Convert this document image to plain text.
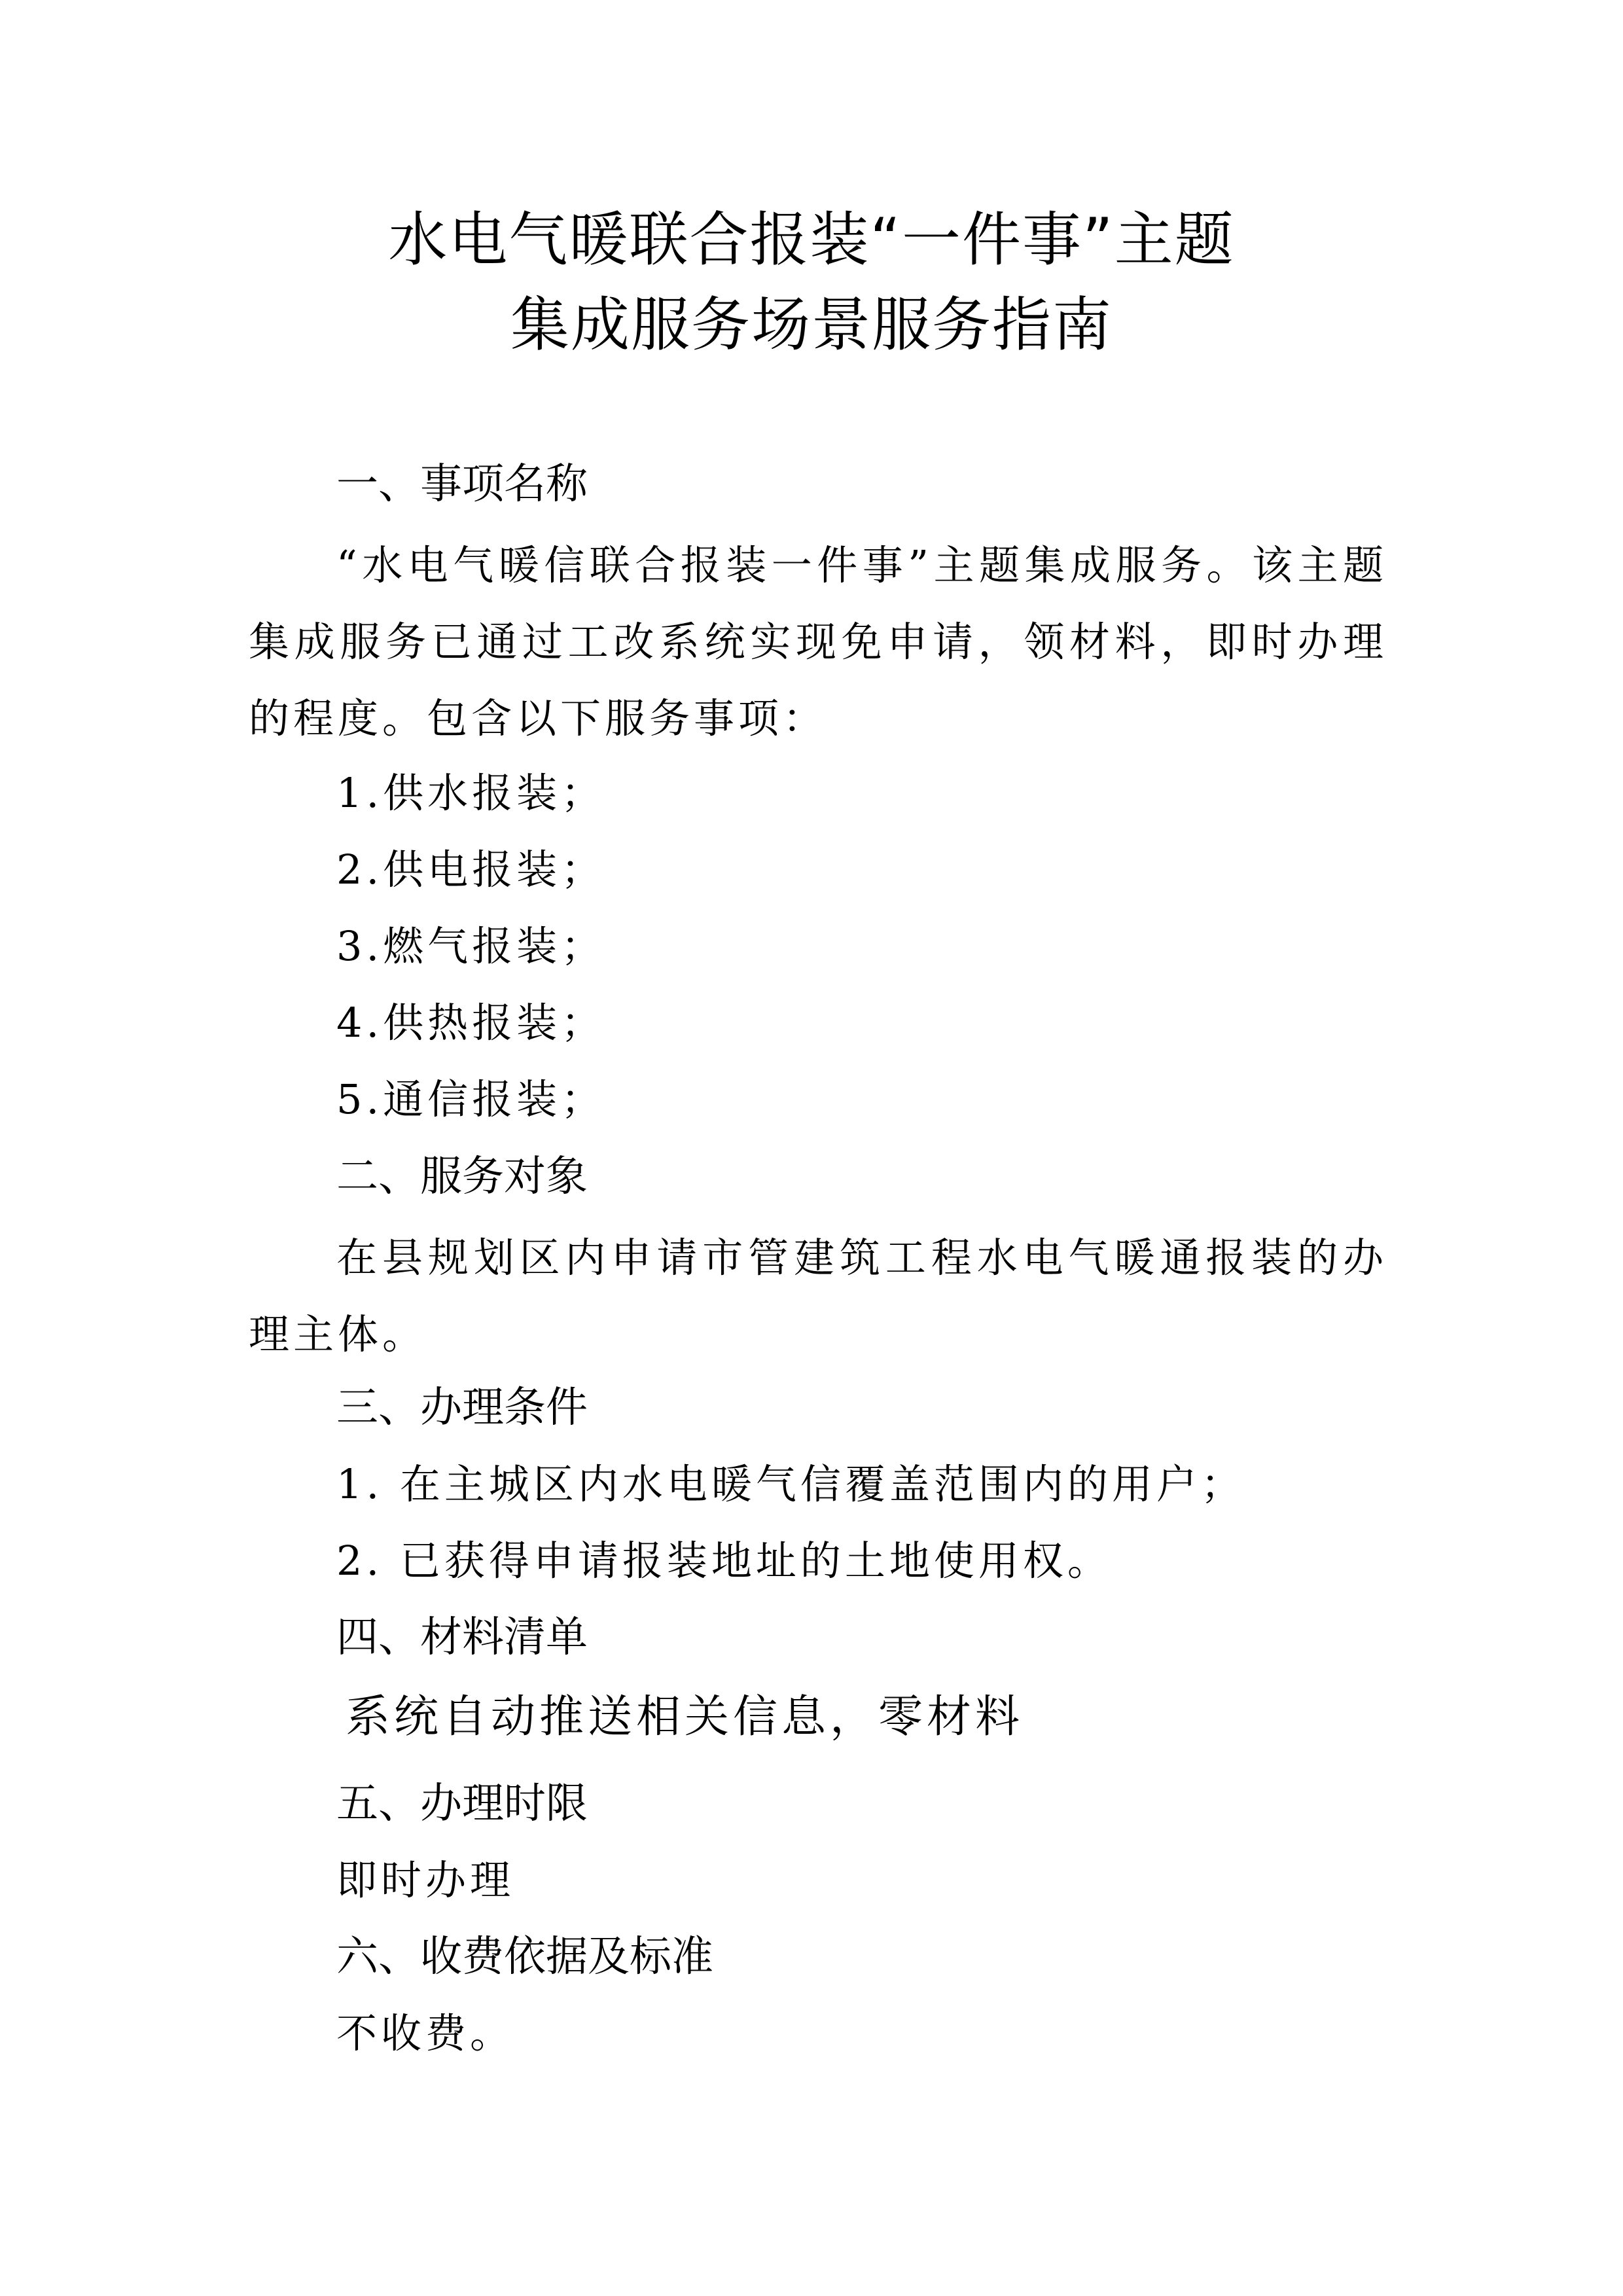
水电气暖联合报装“一件事”主题
集成服务场景服务指南
一、事项名称
“水电气暖信联合报装一件事”主题集成服务。该主题集成服务已通过工改系统实现免申请，领材料，即时办理的程度。包含以下服务事项：
1.供水报装；
2.供电报装；
3.燃气报装；
4.供热报装；
5.通信报装；
二、服务对象
在县规划区内申请市管建筑工程水电气暖通报装的办理主体。
三、办理条件
1. 在主城区内水电暖气信覆盖范围内的用户；
2. 已获得申请报装地址的土地使用权。
四、材料清单
系统自动推送相关信息，零材料
五、办理时限
即时办理
六、收费依据及标准
不收费。
